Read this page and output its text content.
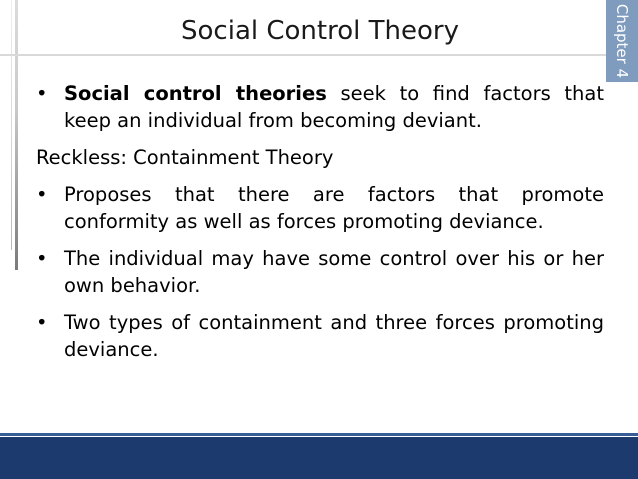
Social Control Theory	Chapter 4
• Social control theories seek to find factors that keep an individual from becoming deviant.
Reckless: Containment Theory
• Proposes that there are factors that promote conformity as well as forces promoting deviance.
• The individual may have some control over his or her own behavior.
• Two types of containment and three forces promoting deviance.
